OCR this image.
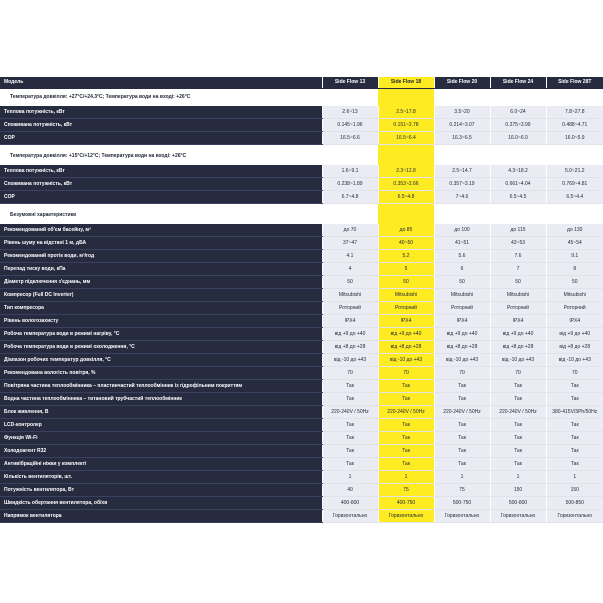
Модель	Side Flow 13	Side Flow 18	Side Flow 20	Side Flow 24	Side Flow 28T
Температура довкілля: +27°C/+24.3°C; Температура води на вході: +26°C					
Теплова потужність, кВт	2.6~13	2.5~17.8	3.5~20	6.0~24	7.8~27.8
Споживана потужність, кВт	0.145~1.96	0.151~2.78	0.214~3.07	0.375~3.99	0.488~4.71
COP	16.5~6.6	16.5~6.4	16.3~6.5	16.0~6.0	16.0~5.9

Температура довкілля: +15°C/+12°C; Температура води на вході: +26°C					
Теплова потужність, кВт	1.6~9.1	2.3~12.8	2.5~14.7	4.3~18.2	5.0~21.2
Споживана потужність, кВт	0.238~1.89	0.353~2.66	0.357~3.19	0.661~4.04	0.769~4.81
COP	6.7~4.8	6.5~4.8	7~4.6	6.5~4.5	6.5~4.4

Безумовні характеристики					
Рекомендований об'єм басейну, м³	до 70	до 85	до 100	до 115	до 130
Рівень шуму на відстані 1 м, дБА	37~47	40~50	41~51	43~53	45~54
Рекомендований протік води, м³/год	4.1	5.2	5.6	7.6	9.1
Перепад тиску води, кПа	4	5	6	7	8
Діаметр підключення з'єднань, мм	50	50	50	50	50
Компресор (Full DC Inverter)	Mitsubishi	Mitsubishi	Mitsubishi	Mitsubishi	Mitsubishi
Тип компресора	Роторний	Роторний	Роторний	Роторний	Роторний
Рівень вологозахисту	IPX4	IPX4	IPX4	IPX4	IPX4
Робоча температура води в режимі нагріву, °C	від +9 до +40	від +9 до +40	від +9 до +40	від +9 до +40	від +9 до +40
Робоча температура води в режимі охолодження, °C	від +8 до +28	від +8 до +28	від +8 до +28	від +8 до +28	від +8 до +28
Діапазон робочих температур довкілля, °C	від -10 до +43	від -10 до +43	від -10 до +43	від -10 до +43	від -10 до +43
Рекомендована вологість повітря, %	70	70	70	70	70
Повітряна частина теплообмінника – пластинчастий теплообмінник із гідрофільним покриттям	Так	Так	Так	Так	Так
Водна частина теплообмінника – титановий трубчастий теплообмінник	Так	Так	Так	Так	Так
Блок живлення, В	220-240V / 50Hz	220-240V / 50Hz	220-240V / 50Hz	220-240V / 50Hz	380-415V/3Ph/50Hz
LCD-контролер	Так	Так	Так	Так	Так
Функція Wi-Fi	Так	Так	Так	Так	Так
Холодоагент R32	Так	Так	Так	Так	Так
Антивібраційні ніжки у комплекті	Так	Так	Так	Так	Так
Кількість вентиляторів, шт.	1	1	1	1	1
Потужність вентилятора, Вт	40	75	75	150	150
Швидкість обертання вентилятора, об/хв	400-800	400-750	500-750	500-800	500-850
Напрямок вентилятора	Горизонтально	Горизонтально	Горизонтально	Горизонтально	Горизонтально
